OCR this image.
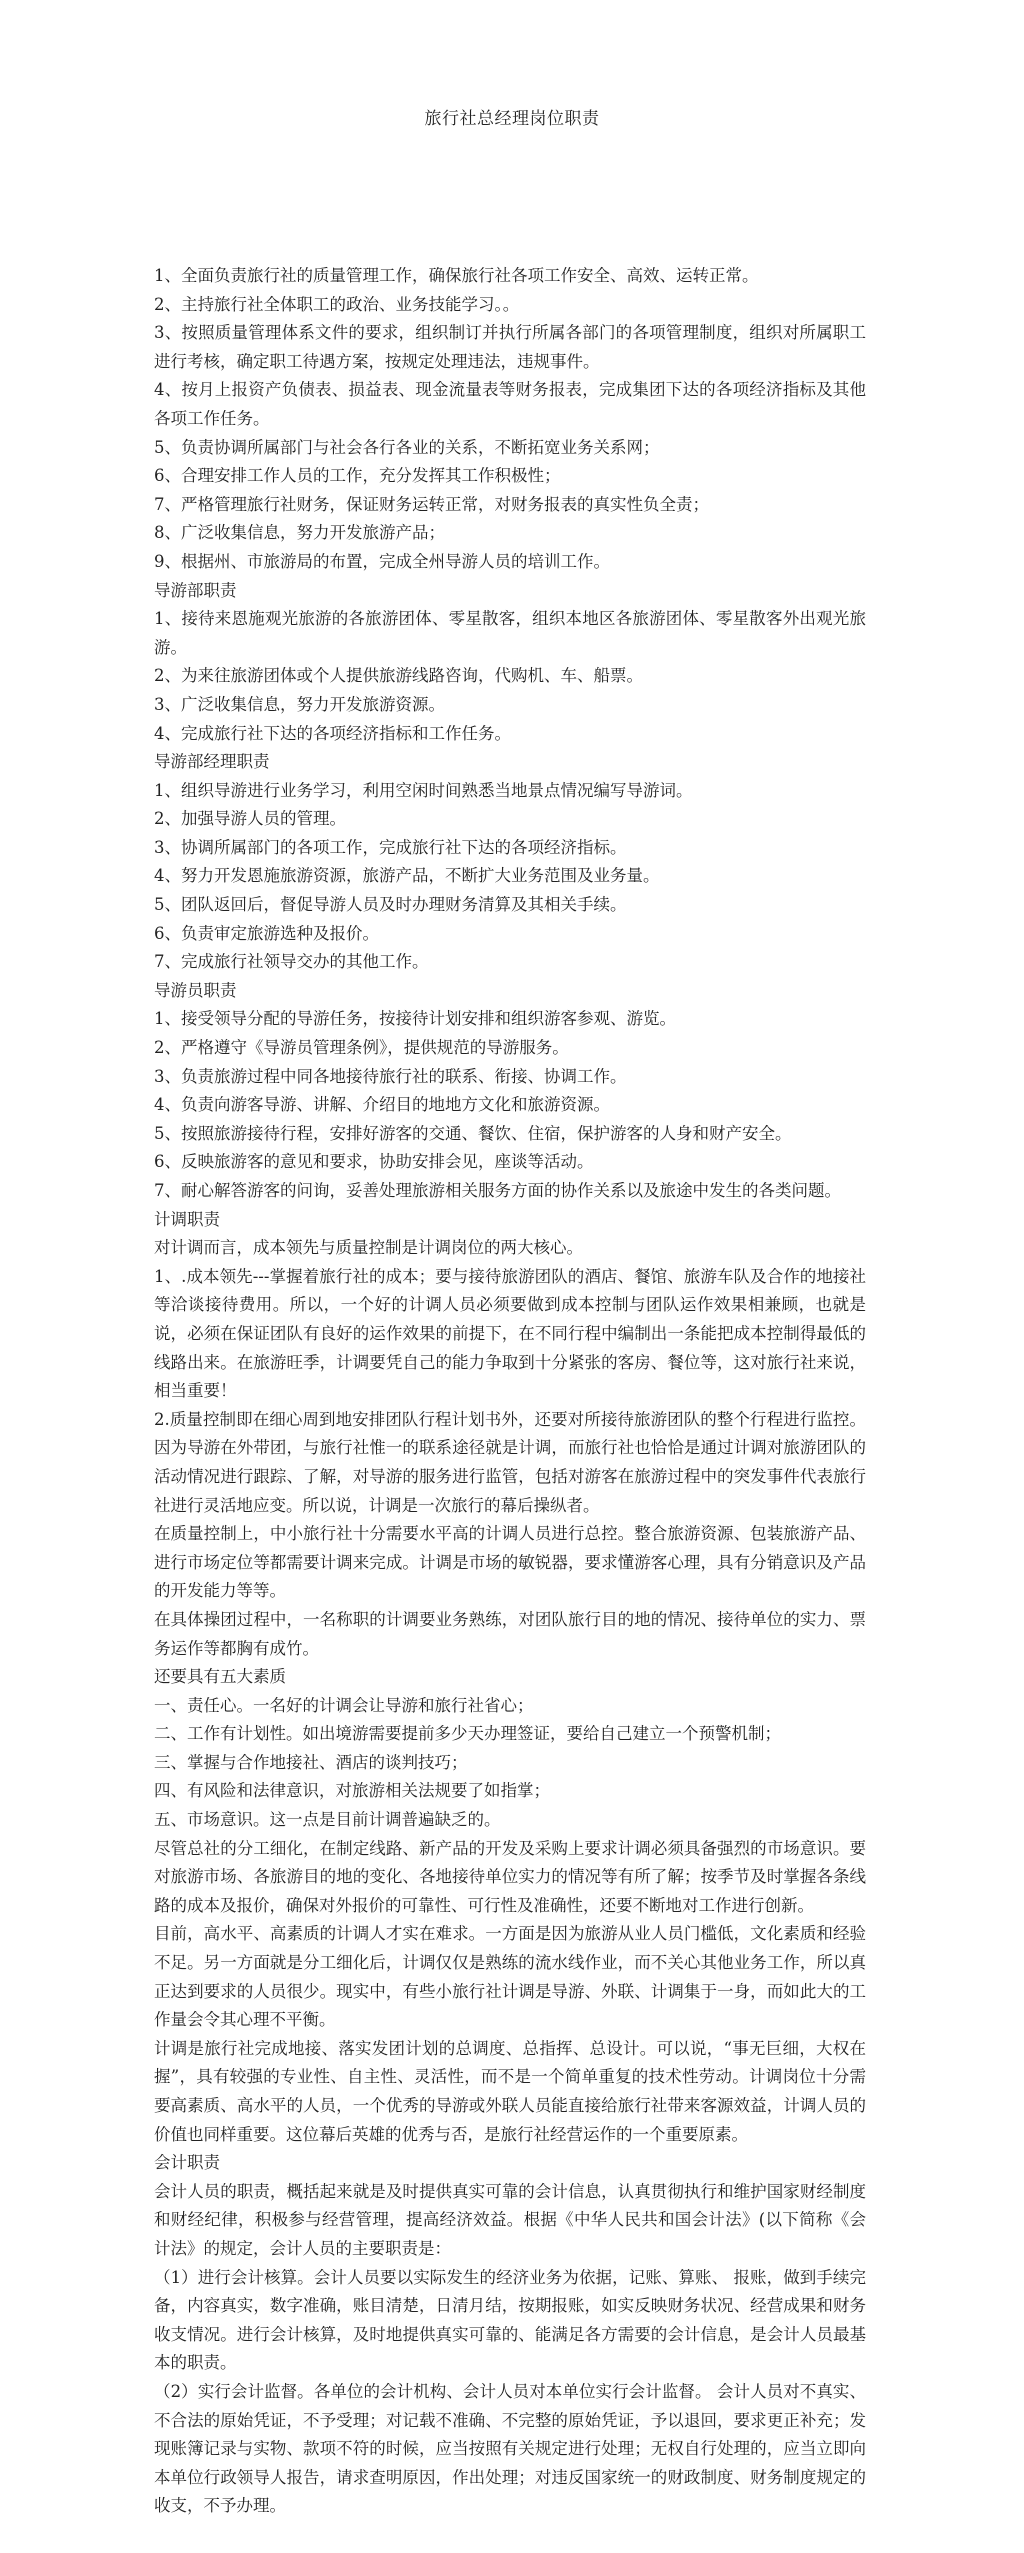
旅行社总经理岗位职责

1、全面负责旅行社的质量管理工作，确保旅行社各项工作安全、高效、运转正常。

2、主持旅行社全体职工的政治、业务技能学习。。

3、按照质量管理体系文件的要求，组织制订并执行所属各部门的各项管理制度，组织对所属职工进行考核，确定职工待遇方案，按规定处理违法，违规事件。

4、按月上报资产负债表、损益表、现金流量表等财务报表，完成集团下达的各项经济指标及其他各项工作任务。

5、负责协调所属部门与社会各行各业的关系，不断拓宽业务关系网；

6、合理安排工作人员的工作，充分发挥其工作积极性；

7、严格管理旅行社财务，保证财务运转正常，对财务报表的真实性负全责；

8、广泛收集信息，努力开发旅游产品；

9、根据州、市旅游局的布置，完成全州导游人员的培训工作。

导游部职责

1、接待来恩施观光旅游的各旅游团体、零星散客，组织本地区各旅游团体、零星散客外出观光旅游。

2、为来往旅游团体或个人提供旅游线路咨询，代购机、车、船票。

3、广泛收集信息，努力开发旅游资源。

4、完成旅行社下达的各项经济指标和工作任务。

导游部经理职责

1、组织导游进行业务学习，利用空闲时间熟悉当地景点情况编写导游词。

2、加强导游人员的管理。

3、协调所属部门的各项工作，完成旅行社下达的各项经济指标。

4、努力开发恩施旅游资源，旅游产品，不断扩大业务范围及业务量。

5、团队返回后，督促导游人员及时办理财务清算及其相关手续。

6、负责审定旅游选种及报价。

7、完成旅行社领导交办的其他工作。

导游员职责

1、接受领导分配的导游任务，按接待计划安排和组织游客参观、游览。

2、严格遵守《导游员管理条例》，提供规范的导游服务。

3、负责旅游过程中同各地接待旅行社的联系、衔接、协调工作。

4、负责向游客导游、讲解、介绍目的地地方文化和旅游资源。

5、按照旅游接待行程，安排好游客的交通、餐饮、住宿，保护游客的人身和财产安全。

6、反映旅游客的意见和要求，协助安排会见，座谈等活动。

7、耐心解答游客的问询，妥善处理旅游相关服务方面的协作关系以及旅途中发生的各类问题。

计调职责

对计调而言，成本领先与质量控制是计调岗位的两大核心。

1、.成本领先---掌握着旅行社的成本；要与接待旅游团队的酒店、餐馆、旅游车队及合作的地接社等洽谈接待费用。所以，一个好的计调人员必须要做到成本控制与团队运作效果相兼顾，也就是说，必须在保证团队有良好的运作效果的前提下，在不同行程中编制出一条能把成本控制得最低的线路出来。在旅游旺季，计调要凭自己的能力争取到十分紧张的客房、餐位等，这对旅行社来说，相当重要！

2.质量控制即在细心周到地安排团队行程计划书外，还要对所接待旅游团队的整个行程进行监控。因为导游在外带团，与旅行社惟一的联系途径就是计调，而旅行社也恰恰是通过计调对旅游团队的活动情况进行跟踪、了解，对导游的服务进行监管，包括对游客在旅游过程中的突发事件代表旅行社进行灵活地应变。所以说，计调是一次旅行的幕后操纵者。

在质量控制上，中小旅行社十分需要水平高的计调人员进行总控。整合旅游资源、包装旅游产品、进行市场定位等都需要计调来完成。计调是市场的敏锐器，要求懂游客心理，具有分销意识及产品的开发能力等等。

在具体操团过程中，一名称职的计调要业务熟练，对团队旅行目的地的情况、接待单位的实力、票务运作等都胸有成竹。

还要具有五大素质

一、责任心。一名好的计调会让导游和旅行社省心；

二、工作有计划性。如出境游需要提前多少天办理签证，要给自己建立一个预警机制；

三、掌握与合作地接社、酒店的谈判技巧；

四、有风险和法律意识，对旅游相关法规要了如指掌；

五、市场意识。这一点是目前计调普遍缺乏的。

尽管总社的分工细化，在制定线路、新产品的开发及采购上要求计调必须具备强烈的市场意识。要对旅游市场、各旅游目的地的变化、各地接待单位实力的情况等有所了解；按季节及时掌握各条线路的成本及报价，确保对外报价的可靠性、可行性及准确性，还要不断地对工作进行创新。

目前，高水平、高素质的计调人才实在难求。一方面是因为旅游从业人员门槛低，文化素质和经验不足。另一方面就是分工细化后，计调仅仅是熟练的流水线作业，而不关心其他业务工作，所以真正达到要求的人员很少。现实中，有些小旅行社计调是导游、外联、计调集于一身，而如此大的工作量会令其心理不平衡。

计调是旅行社完成地接、落实发团计划的总调度、总指挥、总设计。可以说，“事无巨细，大权在握”，具有较强的专业性、自主性、灵活性，而不是一个简单重复的技术性劳动。计调岗位十分需要高素质、高水平的人员，一个优秀的导游或外联人员能直接给旅行社带来客源效益，计调人员的价值也同样重要。这位幕后英雄的优秀与否，是旅行社经营运作的一个重要原素。

会计职责

会计人员的职责，概括起来就是及时提供真实可靠的会计信息，认真贯彻执行和维护国家财经制度和财经纪律，积极参与经营管理，提高经济效益。根据《中华人民共和国会计法》(以下简称《会计法》的规定，会计人员的主要职责是：

（1）进行会计核算。会计人员要以实际发生的经济业务为依据，记账、算账、 报账，做到手续完备，内容真实，数字准确，账目清楚，日清月结，按期报账，如实反映财务状况、经营成果和财务收支情况。进行会计核算，及时地提供真实可靠的、能满足各方需要的会计信息，是会计人员最基本的职责。

（2）实行会计监督。各单位的会计机构、会计人员对本单位实行会计监督。 会计人员对不真实、不合法的原始凭证，不予受理；对记载不准确、不完整的原始凭证，予以退回，要求更正补充；发现账簿记录与实物、款项不符的时候，应当按照有关规定进行处理；无权自行处理的，应当立即向本单位行政领导人报告，请求查明原因，作出处理；对违反国家统一的财政制度、财务制度规定的收支，不予办理。
